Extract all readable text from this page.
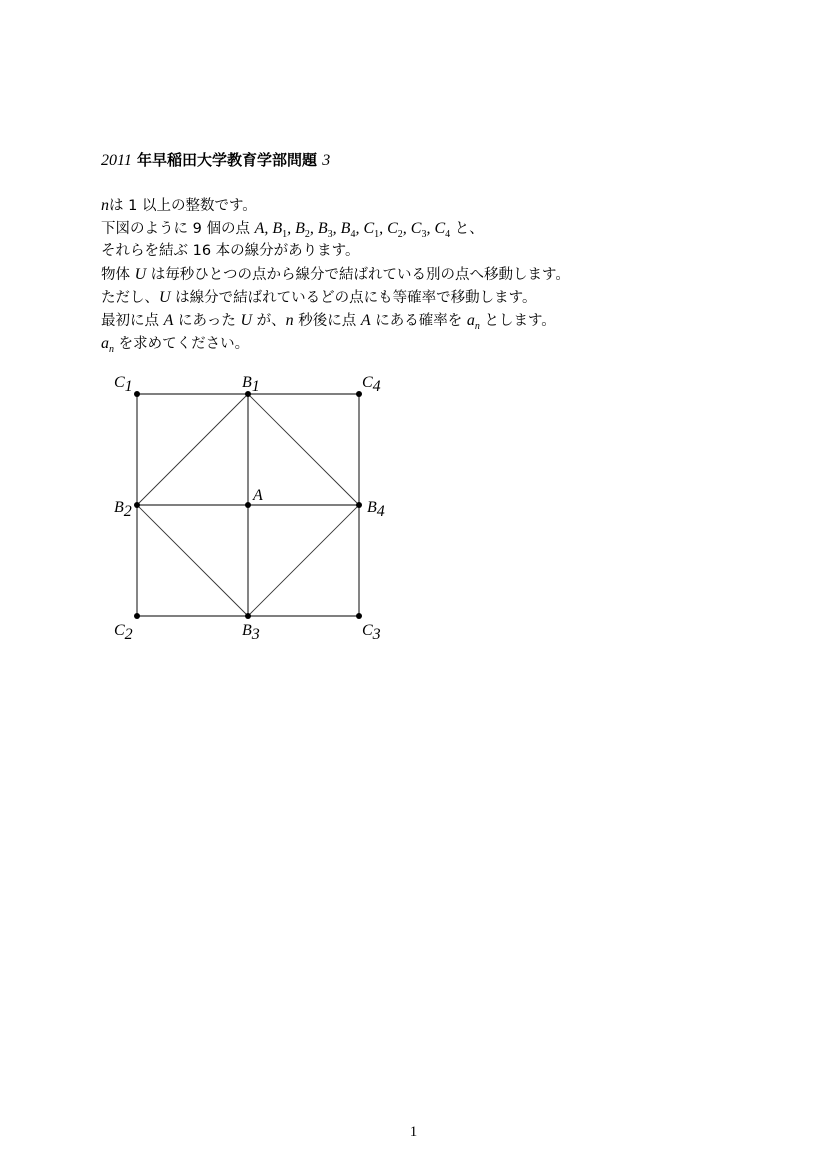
2011 年早稲田大学教育学部問題 3
nは 1 以上の整数です。
下図のように 9 個の点 A, $B_1$, $B_2$, $B_3$, $B_4$, $C_1$, $C_2$, $C_3$, $C_4$ と、
それらを結ぶ 16 本の線分があります。
物体 U は毎秒ひとつの点から線分で結ばれている別の点へ移動します。
ただし、U は線分で結ばれているどの点にも等確率で移動します。
最初に点 A にあった U が、n 秒後に点 A にある確率を $a_n$ とします。
$a_n$ を求めてください。
C1	B1	C4
B2
A
B4
C2	B3	C3
1
